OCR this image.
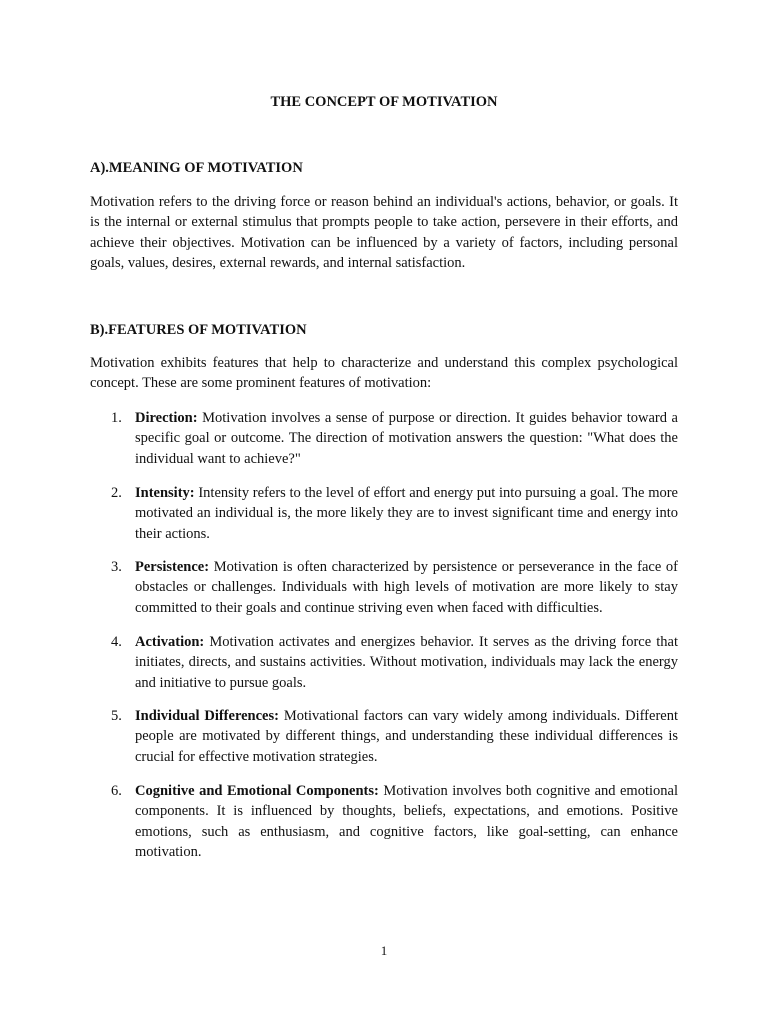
THE CONCEPT OF MOTIVATION
A).MEANING OF MOTIVATION

Motivation refers to the driving force or reason behind an individual's actions, behavior, or goals. It is the internal or external stimulus that prompts people to take action, persevere in their efforts, and achieve their objectives. Motivation can be influenced by a variety of factors, including personal goals, values, desires, external rewards, and internal satisfaction.

B).FEATURES OF MOTIVATION

Motivation exhibits features that help to characterize and understand this complex psychological concept. These are some prominent features of motivation:

1. Direction: Motivation involves a sense of purpose or direction. It guides behavior toward a specific goal or outcome. The direction of motivation answers the question: "What does the individual want to achieve?"
2. Intensity: Intensity refers to the level of effort and energy put into pursuing a goal. The more motivated an individual is, the more likely they are to invest significant time and energy into their actions.
3. Persistence: Motivation is often characterized by persistence or perseverance in the face of obstacles or challenges. Individuals with high levels of motivation are more likely to stay committed to their goals and continue striving even when faced with difficulties.
4. Activation: Motivation activates and energizes behavior. It serves as the driving force that initiates, directs, and sustains activities. Without motivation, individuals may lack the energy and initiative to pursue goals.
5. Individual Differences: Motivational factors can vary widely among individuals. Different people are motivated by different things, and understanding these individual differences is crucial for effective motivation strategies.
6. Cognitive and Emotional Components: Motivation involves both cognitive and emotional components. It is influenced by thoughts, beliefs, expectations, and emotions. Positive emotions, such as enthusiasm, and cognitive factors, like goal-setting, can enhance motivation.
1
